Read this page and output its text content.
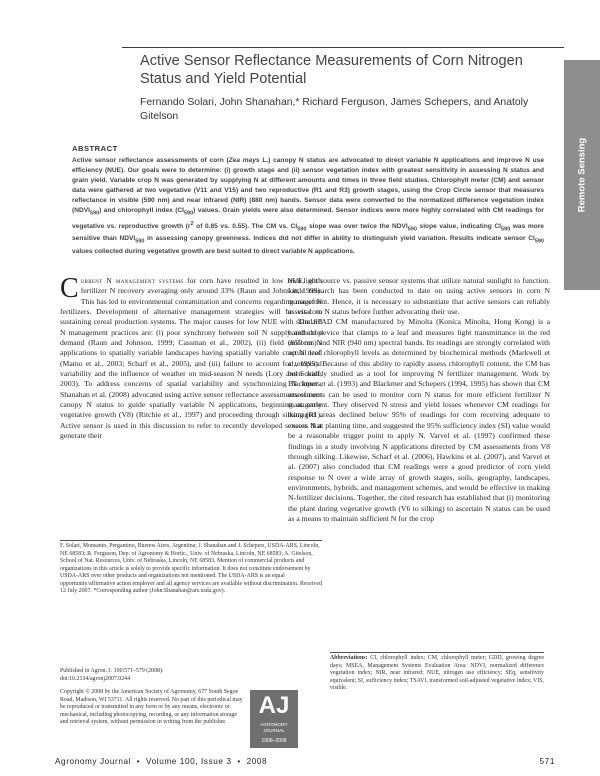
Active Sensor Reflectance Measurements of Corn Nitrogen Status and Yield Potential
Fernando Solari, John Shanahan,* Richard Ferguson, James Schepers, and Anatoly Gitelson
Remote Sensing
ABSTRACT

Active sensor reflectance assessments of corn (Zea mays L.) canopy N status are advocated to direct variable N applications and improve N use efficiency (NUE). Our goals were to determine: (i) growth stage and (ii) sensor vegetation index with greatest sensitivity in assessing N status and grain yield. Variable crop N was generated by supplying N at different amounts and times in three field studies. Chlorophyll meter (CM) and sensor data were gathered at two vegetative (V11 and V15) and two reproductive (R1 and R3) growth stages, using the Crop Circle sensor that measures reflectance in visible (590 nm) and near infrared (NIR) (880 nm) bands. Sensor data were converted to the normalized difference vegetation index $(NDVI_{590})$ and chlorophyll index $(CI_{590})$ values. Grain yields were also determined. Sensor indices were more highly correlated with CM readings for vegetative vs. reproductive growth ($r^2$ of 0.85 vs. 0.55). The CM vs. $CI_{590}$ slope was over twice the $NDVI_{590}$ slope value, indicating $CI_{590}$ was more sensitive than $NDVI_{590}$ in assessing canopy greenness. Indices did not differ in ability to distinguish yield variation. Results indicate sensor $CI_{590}$ values collected during vegetative growth are best suited to direct variable N applications.

Current N management systems for corn have resulted in low NUE, with fertilizer N recovery averaging only around 33% (Raun and Johnson, 1999). This has led to environmental contamination and concerns regarding use of N fertilizers. Development of alternative management strategies will be vital to sustaining cereal production systems. The major causes for low NUE with standard N management practices are: (i) poor synchrony between soil N supply and crop demand (Raun and Johnson, 1999; Cassman et al., 2002), (ii) field uniform N applications to spatially variable landscapes having spatially variable crop N need (Mamo et al., 2003; Scharf et al., 2005), and (iii) failure to account for temporal variability and the influence of weather on mid-season N needs (Lory and Scharf, 2003). To address concerns of spatial variability and synchronizing N inputs, Shanahan et al. (2008) advocated using active sensor reflectance assessments of corn canopy N status to guide spatially variable N applications, beginning at early vegetative growth (V8) (Ritchie et al., 1997) and proceeding through silking (R1). Active sensor is used in this discussion to refer to recently developed sensors that generate their

own light source vs. passive sensor systems that utilize natural sunlight to function. Little research has been conducted to date on using active sensors in corn N management. Hence, it is necessary to substantiate that active sensors can reliably assess corn N status before further advocating their use.

The SPAD CM manufactured by Minolta (Konica Minolta, Hong Kong) is a handheld device that clamps to a leaf and measures light transmittance in the red (650 nm) and NIR (940 nm) spectral bands. Its readings are strongly correlated with actual leaf chlorophyll levels as determined by biochemical methods (Markwell et al., 1995). Because of this ability to rapidly assess chlorophyll content, the CM has been widely studied as a tool for improving N fertilizer management. Work by Blackmer et al. (1993) and Blackmer and Schepers (1994, 1995) has shown that CM assessments can be used to monitor corn N status for more efficient fertilizer N management. They observed N stress and yield losses whenever CM readings for managed areas declined below 95% of readings for corn receiving adequate to excess N at planting time, and suggested the 95% sufficiency index (SI) value would be a reasonable trigger point to apply N. Varvel et al. (1997) confirmed these findings in a study involving N applications directed by CM assessments from V8 through silking. Likewise, Scharf et al. (2006), Hawkins et al. (2007), and Varvel et al. (2007) also concluded that CM readings were a good predictor of corn yield response to N over a wide array of growth stages, soils, geography, landscapes, environments, hybrids, and management schemes, and would be effective in making N-fertilizer decisions. Together, the cited research has established that (i) monitoring the plant during vegetative growth (V6 to silking) to ascertain N status can be used as a means to maintain sufficient N for the crop

F. Solari, Monsanto, Pergamino, Buenos Aires, Argentina; J. Shanahan and J. Schepers, USDA-ARS, Lincoln, NE 68583; R. Ferguson, Dep. of Agronomy & Hortic., Univ. of Nebraska, Lincoln, NE 68583; A. Gitelson, School of Nat. Resources, Univ. of Nebraska, Lincoln, NE 68583. Mention of commercial products and organizations in this article is solely to provide specific information. It does not constitute endorsement by USDA-ARS over other products and organizations not mentioned. The USDA-ARS is an equal opportunity/affirmative action employer and all agency services are available without discrimination. Received 12 July 2007. *Corresponding author (John.Shanahan@ars.usda.gov).
Published in Agron. J. 100:571–579 (2008).
doi:10.2134/agronj2007.0244
Copyright © 2008 by the American Society of Agronomy, 677 South Segoe Road, Madison, WI 53711. All rights reserved. No part of this periodical may be reproduced or transmitted in any form or by any means, electronic or mechanical, including photocopying, recording, or any information storage and retrieval system, without permission in writing from the publisher.
AJ
AGRONOMY JOURNAL
1908–2008
Abbreviations: CI, chlorophyll index; CM, chlorophyll meter; GDD, growing degree days; MSEA, Management Systems Evaluation Area; NDVI, normalized difference vegetation index; NIR, near infrared; NUE, nitrogen use efficiency; SEq, sensitivity equivalent; SI, sufficiency index; TSAVI, transformed soil-adjusted vegetative index; VIS, visible.
Agronomy Journal  •  Volume 100, Issue 3  •  2008	571
